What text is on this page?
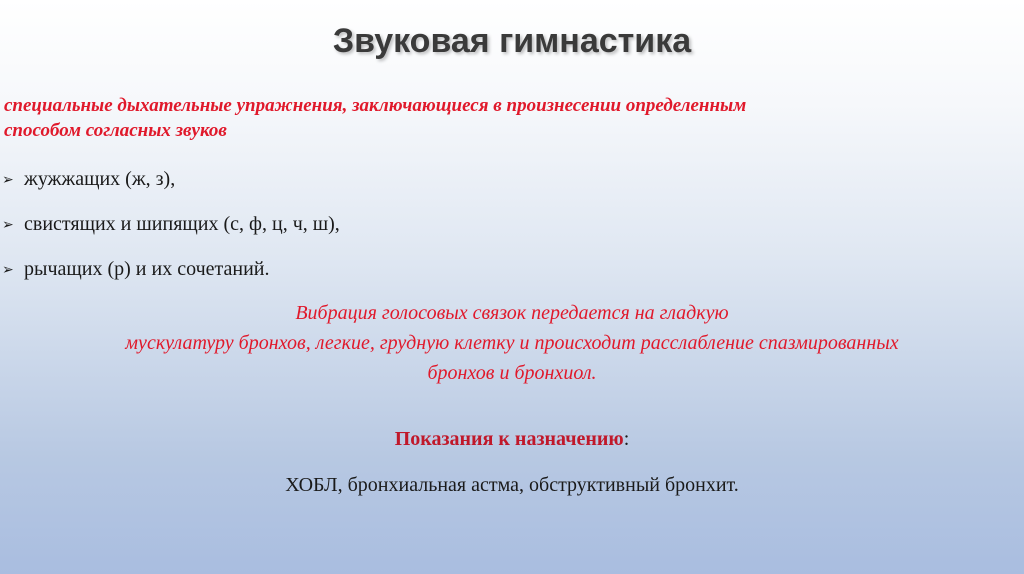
Звуковая гимнастика
специальные дыхательные упражнения, заключающиеся в произнесении определенным
способом согласных звуков
➢ жужжащих (ж, з),
➢ свистящих и шипящих (с, ф, ц, ч, ш),
➢ рычащих (р) и их сочетаний.
Вибрация голосовых связок передается на гладкую
мускулатуру бронхов, легкие, грудную клетку и происходит расслабление спазмированных
бронхов и бронхиол.
Показания к назначению:
ХОБЛ, бронхиальная астма, обструктивный бронхит.
